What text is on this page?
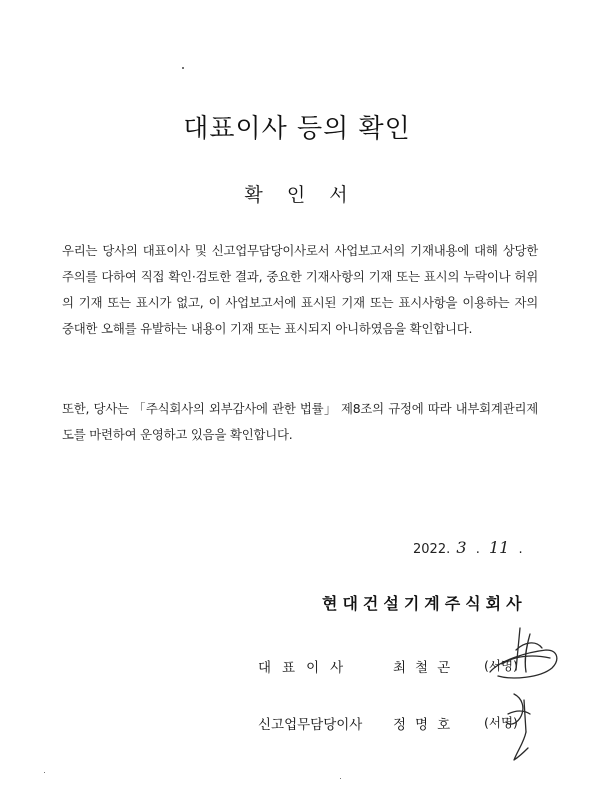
대표이사 등의 확인
확 인 서
우리는 당사의 대표이사 및 신고업무담당이사로서 사업보고서의 기재내용에 대해 상당한 주의를 다하여 직접 확인·검토한 결과, 중요한 기재사항의 기재 또는 표시의 누락이나 허위의 기재 또는 표시가 없고, 이 사업보고서에 표시된 기재 또는 표시사항을 이용하는 자의 중대한 오해를 유발하는 내용이 기재 또는 표시되지 아니하였음을 확인합니다.
또한, 당사는 「주식회사의 외부감사에 관한 법률」 제8조의 규정에 따라 내부회계관리제도를 마련하여 운영하고 있음을 확인합니다.
2022. 3 . 11 .
현대건설기계주식회사
대표이사	최철곤 (서명)
신고업무담당이사 정명호 (서명)
